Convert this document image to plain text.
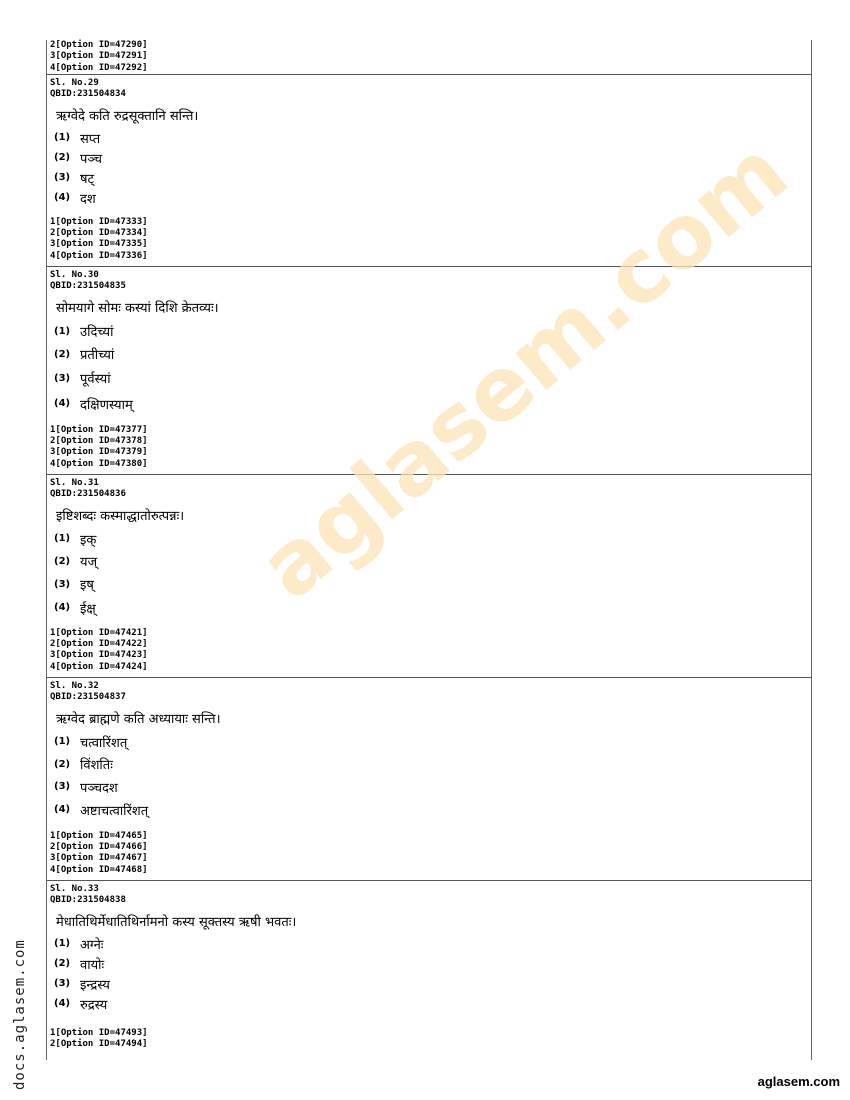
2[Option ID=47290]
3[Option ID=47291]
4[Option ID=47292]
Sl. No.29
QBID:231504834
ऋग्वेदे कति रुद्रसूक्तानि सन्ति।
(1) सप्त
(2) पञ्च
(3) षट्
(4) दश
1[Option ID=47333]
2[Option ID=47334]
3[Option ID=47335]
4[Option ID=47336]
Sl. No.30
QBID:231504835
सोमयागे सोमः कस्यां दिशि क्रेतव्यः।
(1) उदिच्यां
(2) प्रतीच्यां
(3) पूर्वस्यां
(4) दक्षिणस्याम्
1[Option ID=47377]
2[Option ID=47378]
3[Option ID=47379]
4[Option ID=47380]
Sl. No.31
QBID:231504836
इष्टिशब्दः कस्माद्धातोरुत्पन्नः।
(1) इक्
(2) यज्
(3) इष्
(4) ईक्ष्
1[Option ID=47421]
2[Option ID=47422]
3[Option ID=47423]
4[Option ID=47424]
Sl. No.32
QBID:231504837
ऋग्वेद ब्राह्मणे कति अध्यायाः सन्ति।
(1) चत्वारिंशत्
(2) विंशतिः
(3) पञ्चदश
(4) अष्टाचत्वारिंशत्
1[Option ID=47465]
2[Option ID=47466]
3[Option ID=47467]
4[Option ID=47468]
Sl. No.33
QBID:231504838
मेधातिथिर्मेधातिथिर्नामनो कस्य सूक्तस्य ऋषी भवतः।
(1) अग्नेः
(2) वायोः
(3) इन्द्रस्य
(4) रुद्रस्य
1[Option ID=47493]
2[Option ID=47494]
aglasem.com
docs.aglasem.com	aglasem.com
